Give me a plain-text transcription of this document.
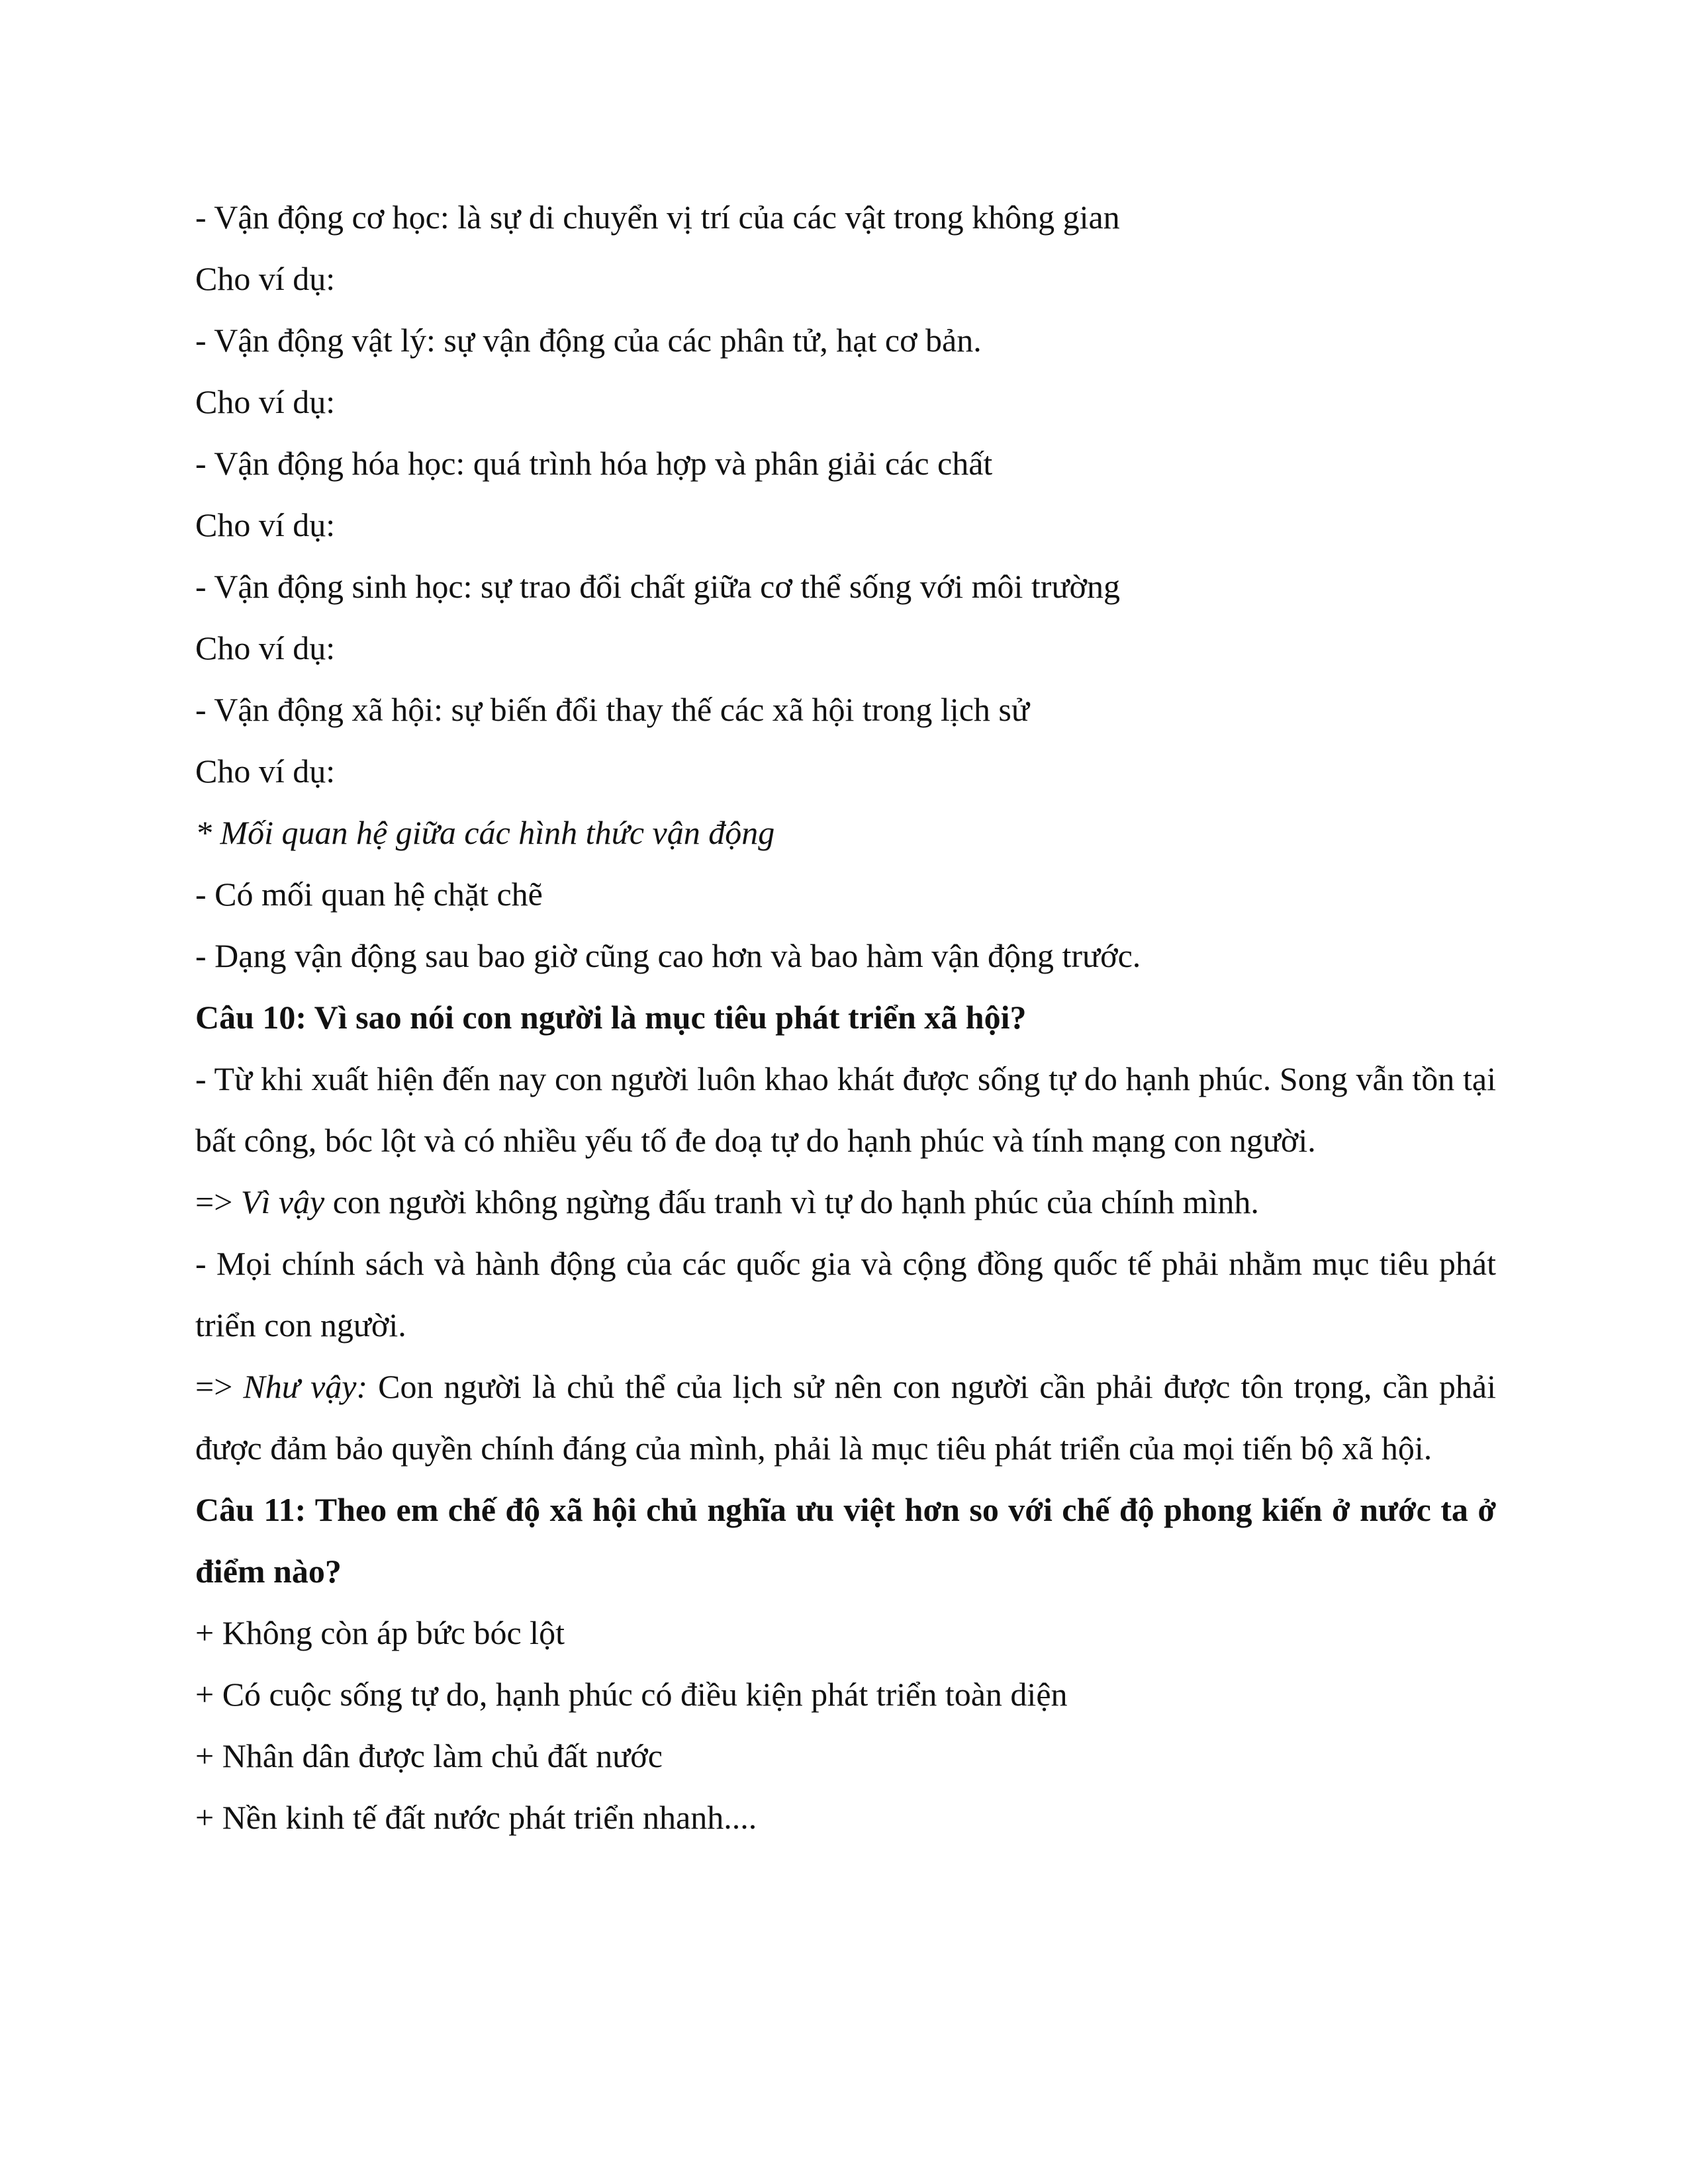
- Vận động cơ học: là sự di chuyển vị trí của các vật trong không gian

Cho ví dụ:

- Vận động vật lý: sự vận động của các phân tử, hạt cơ bản.

Cho ví dụ:

- Vận động hóa học: quá trình hóa hợp và phân giải các chất

Cho ví dụ:

- Vận động sinh học: sự trao đổi chất giữa cơ thể sống với môi trường

Cho ví dụ:

- Vận động xã hội: sự biến đổi thay thế các xã hội trong lịch sử

Cho ví dụ:

* Mối quan hệ giữa các hình thức vận động

- Có mối quan hệ chặt chẽ

- Dạng vận động sau bao giờ cũng cao hơn và bao hàm vận động trước.

Câu 10: Vì sao nói con người là mục tiêu phát triển xã hội?

- Từ khi xuất hiện đến nay con người luôn khao khát được sống tự do hạnh phúc. Song vẫn tồn tại bất công, bóc lột và có nhiều yếu tố đe doạ tự do hạnh phúc và tính mạng con người.

=> Vì vậy con người không ngừng đấu tranh vì tự do hạnh phúc của chính mình.

- Mọi chính sách và hành động của các quốc gia và cộng đồng quốc tế phải nhằm mục tiêu phát triển con người.

=> Như vậy: Con người là chủ thể của lịch sử nên con người cần phải được tôn trọng, cần phải được đảm bảo quyền chính đáng của mình, phải là mục tiêu phát triển của mọi tiến bộ xã hội.

Câu 11: Theo em chế độ xã hội chủ nghĩa ưu việt hơn so với chế độ phong kiến ở nước ta ở điểm nào?

+ Không còn áp bức bóc lột

+ Có cuộc sống tự do, hạnh phúc có điều kiện phát triển toàn diện

+ Nhân dân được làm chủ đất nước

+ Nền kinh tế đất nước phát triển nhanh....
